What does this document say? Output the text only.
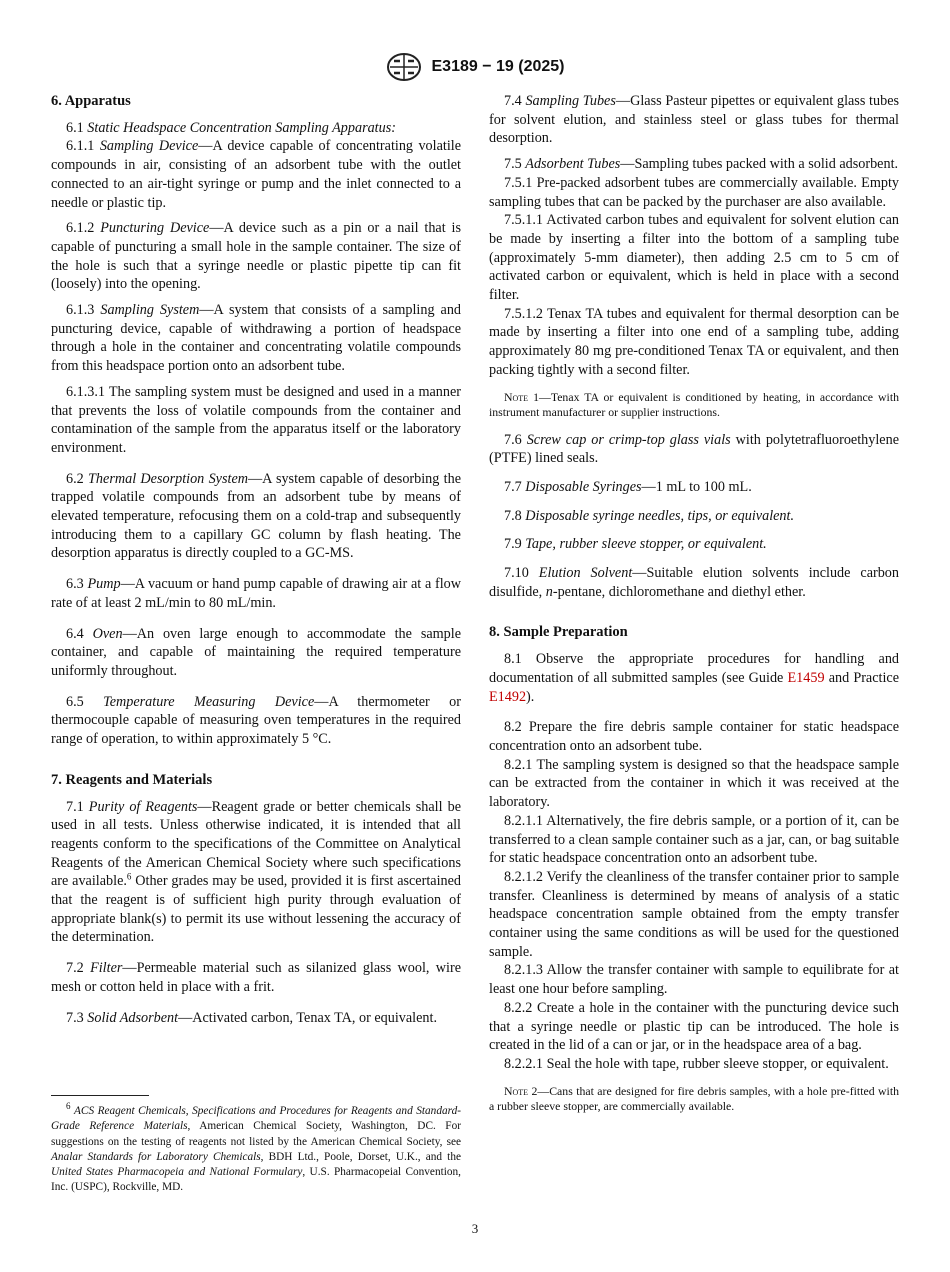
E3189 − 19 (2025)
6. Apparatus

6.1 Static Headspace Concentration Sampling Apparatus:

6.1.1 Sampling Device—A device capable of concentrating volatile compounds in air, consisting of an adsorbent tube with the outlet connected to an air-tight syringe or pump and the inlet connected to a needle or plastic tip.

6.1.2 Puncturing Device—A device such as a pin or a nail that is capable of puncturing a small hole in the sample container. The size of the hole is such that a syringe needle or plastic pipette tip can fit (loosely) into the opening.

6.1.3 Sampling System—A system that consists of a sampling and puncturing device, capable of withdrawing a portion of headspace through a hole in the container and concentrating volatile compounds from this headspace portion onto an adsorbent tube.

6.1.3.1 The sampling system must be designed and used in a manner that prevents the loss of volatile compounds from the container and contamination of the sample from the apparatus itself or the laboratory environment.

6.2 Thermal Desorption System—A system capable of desorbing the trapped volatile compounds from an adsorbent tube by means of elevated temperature, refocusing them on a cold-trap and subsequently introducing them to a capillary GC column by flash heating. The desorption apparatus is directly coupled to a GC-MS.

6.3 Pump—A vacuum or hand pump capable of drawing air at a flow rate of at least 2 mL/min to 80 mL/min.

6.4 Oven—An oven large enough to accommodate the sample container, and capable of maintaining the required temperature uniformly throughout.

6.5 Temperature Measuring Device—A thermometer or thermocouple capable of measuring oven temperatures in the required range of operation, to within approximately 5 °C.

7. Reagents and Materials

7.1 Purity of Reagents—Reagent grade or better chemicals shall be used in all tests. Unless otherwise indicated, it is intended that all reagents conform to the specifications of the Committee on Analytical Reagents of the American Chemical Society where such specifications are available.$^6$ Other grades may be used, provided it is first ascertained that the reagent is of sufficient high purity through evaluation of appropriate blank(s) to permit its use without lessening the accuracy of the determination.

7.2 Filter—Permeable material such as silanized glass wool, wire mesh or cotton held in place with a frit.

7.3 Solid Adsorbent—Activated carbon, Tenax TA, or equivalent.

$^6$ ACS Reagent Chemicals, Specifications and Procedures for Reagents and Standard-Grade Reference Materials, American Chemical Society, Washington, DC. For suggestions on the testing of reagents not listed by the American Chemical Society, see Analar Standards for Laboratory Chemicals, BDH Ltd., Poole, Dorset, U.K., and the United States Pharmacopeia and National Formulary, U.S. Pharmacopeial Convention, Inc. (USPC), Rockville, MD.

7.4 Sampling Tubes—Glass Pasteur pipettes or equivalent glass tubes for solvent elution, and stainless steel or glass tubes for thermal desorption.

7.5 Adsorbent Tubes—Sampling tubes packed with a solid adsorbent.

7.5.1 Pre-packed adsorbent tubes are commercially available. Empty sampling tubes that can be packed by the purchaser are also available.

7.5.1.1 Activated carbon tubes and equivalent for solvent elution can be made by inserting a filter into the bottom of a sampling tube (approximately 5-mm diameter), then adding 2.5 cm to 5 cm of activated carbon or equivalent, which is held in place with a second filter.

7.5.1.2 Tenax TA tubes and equivalent for thermal desorption can be made by inserting a filter into one end of a sampling tube, adding approximately 80 mg pre-conditioned Tenax TA or equivalent, and then packing tightly with a second filter.

Note 1—Tenax TA or equivalent is conditioned by heating, in accordance with instrument manufacturer or supplier instructions.

7.6 Screw cap or crimp-top glass vials with polytetrafluoroethylene (PTFE) lined seals.

7.7 Disposable Syringes—1 mL to 100 mL.

7.8 Disposable syringe needles, tips, or equivalent.

7.9 Tape, rubber sleeve stopper, or equivalent.

7.10 Elution Solvent—Suitable elution solvents include carbon disulfide, n-pentane, dichloromethane and diethyl ether.

8. Sample Preparation

8.1 Observe the appropriate procedures for handling and documentation of all submitted samples (see Guide E1459 and Practice E1492).

8.2 Prepare the fire debris sample container for static headspace concentration onto an adsorbent tube.

8.2.1 The sampling system is designed so that the headspace sample can be extracted from the container in which it was received at the laboratory.

8.2.1.1 Alternatively, the fire debris sample, or a portion of it, can be transferred to a clean sample container such as a jar, can, or bag suitable for static headspace concentration onto an adsorbent tube.

8.2.1.2 Verify the cleanliness of the transfer container prior to sample transfer. Cleanliness is determined by means of analysis of a static headspace concentration sample obtained from the empty transfer container using the same conditions as will be used for the questioned sample.

8.2.1.3 Allow the transfer container with sample to equilibrate for at least one hour before sampling.

8.2.2 Create a hole in the container with the puncturing device such that a syringe needle or plastic tip can be introduced. The hole is created in the lid of a can or jar, or in the headspace area of a bag.

8.2.2.1 Seal the hole with tape, rubber sleeve stopper, or equivalent.

Note 2—Cans that are designed for fire debris samples, with a hole pre-fitted with a rubber sleeve stopper, are commercially available.
3
